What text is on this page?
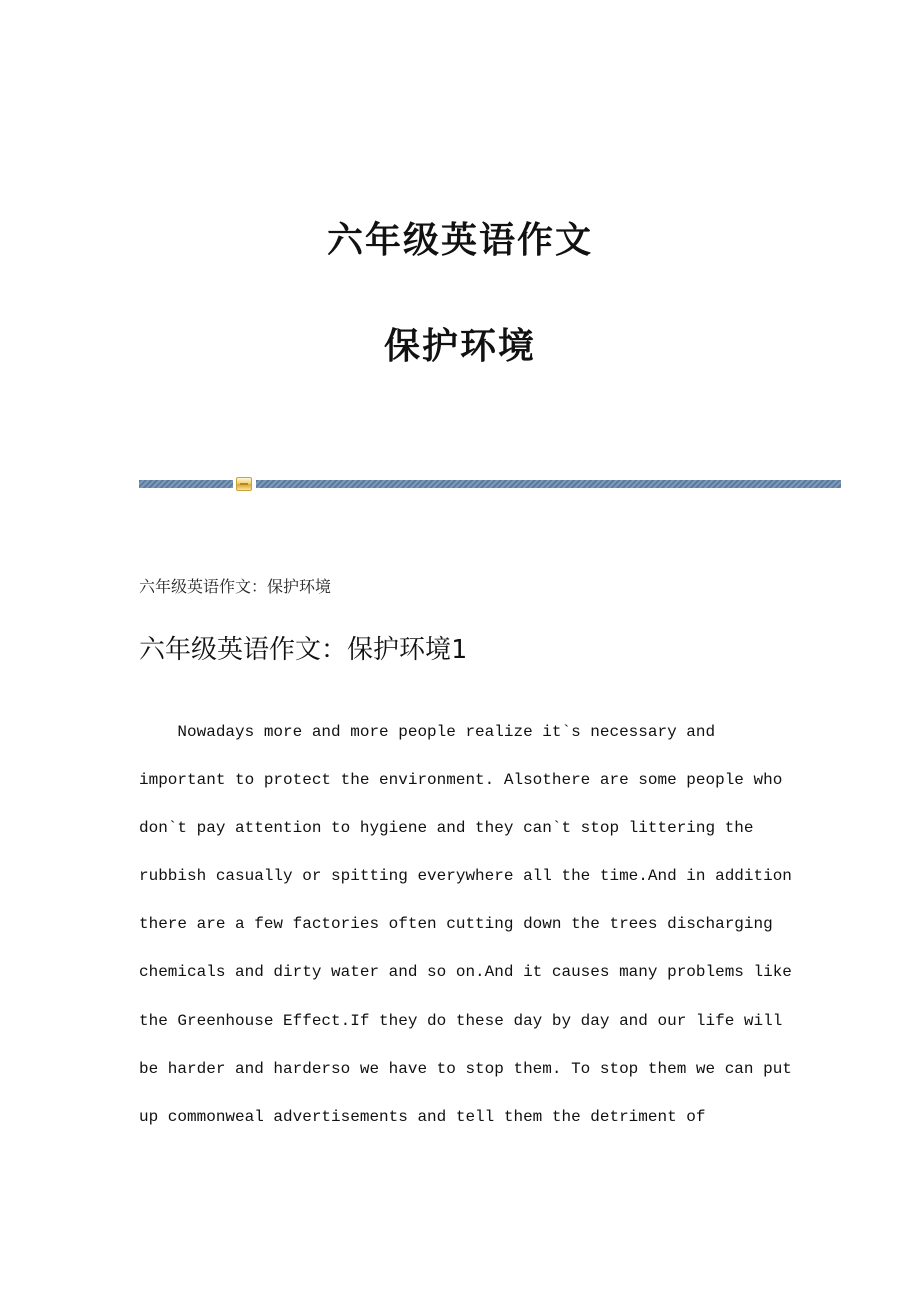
六年级英语作文
保护环境
六年级英语作文：保护环境
六年级英语作文：保护环境1
Nowadays more and more people realize it`s necessary and
important to protect the environment. Alsothere are some people who
don`t pay attention to hygiene and they can`t stop littering the
rubbish casually or spitting everywhere all the time.And in addition
there are a few factories often cutting down the trees discharging
chemicals and dirty water and so on.And it causes many problems like
the Greenhouse Effect.If they do these day by day and our life will
be harder and harderso we have to stop them. To stop them we can put
up commonweal advertisements and tell them the detriment of
